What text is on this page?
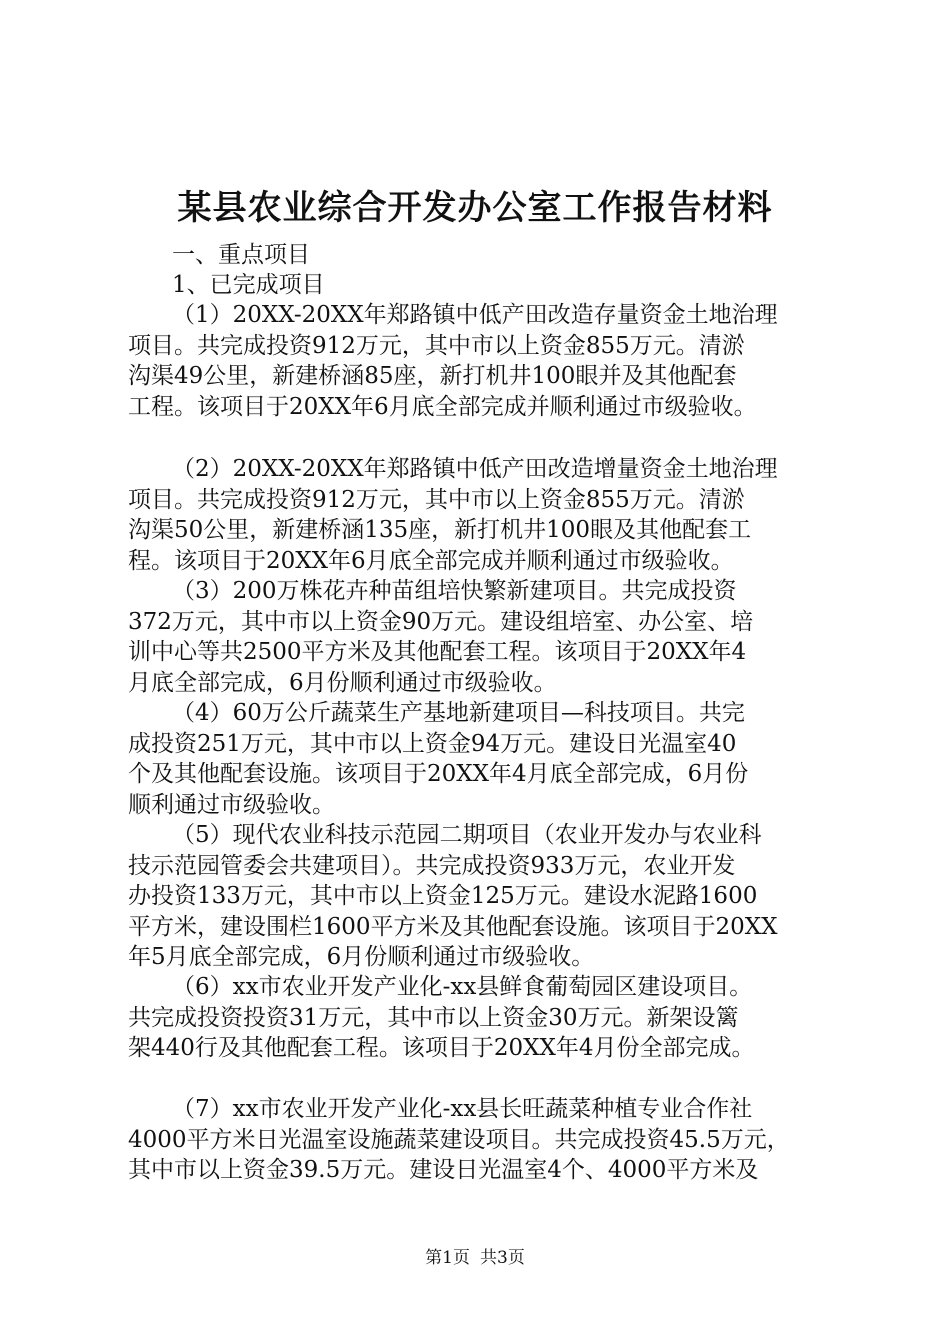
某县农业综合开发办公室工作报告材料
一、重点项目
1、已完成项目
（1）20XX-20XX年郑路镇中低产田改造存量资金土地治理
项目。共完成投资912万元，其中市以上资金855万元。清淤
沟渠49公里，新建桥涵85座，新打机井100眼并及其他配套
工程。该项目于20XX年6月底全部完成并顺利通过市级验收。
（2）20XX-20XX年郑路镇中低产田改造增量资金土地治理
项目。共完成投资912万元，其中市以上资金855万元。清淤
沟渠50公里，新建桥涵135座，新打机井100眼及其他配套工
程。该项目于20XX年6月底全部完成并顺利通过市级验收。
（3）200万株花卉种苗组培快繁新建项目。共完成投资
372万元，其中市以上资金90万元。建设组培室、办公室、培
训中心等共2500平方米及其他配套工程。该项目于20XX年4
月底全部完成，6月份顺利通过市级验收。
（4）60万公斤蔬菜生产基地新建项目—科技项目。共完
成投资251万元，其中市以上资金94万元。建设日光温室40
个及其他配套设施。该项目于20XX年4月底全部完成，6月份
顺利通过市级验收。
（5）现代农业科技示范园二期项目（农业开发办与农业科
技示范园管委会共建项目）。共完成投资933万元，农业开发
办投资133万元，其中市以上资金125万元。建设水泥路1600
平方米，建设围栏1600平方米及其他配套设施。该项目于20XX
年5月底全部完成，6月份顺利通过市级验收。
（6）xx市农业开发产业化-xx县鲜食葡萄园区建设项目。
共完成投资投资31万元，其中市以上资金30万元。新架设篱
架440行及其他配套工程。该项目于20XX年4月份全部完成。
（7）xx市农业开发产业化-xx县长旺蔬菜种植专业合作社
4000平方米日光温室设施蔬菜建设项目。共完成投资45.5万元，
其中市以上资金39.5万元。建设日光温室4个、4000平方米及
第1页 共3页
